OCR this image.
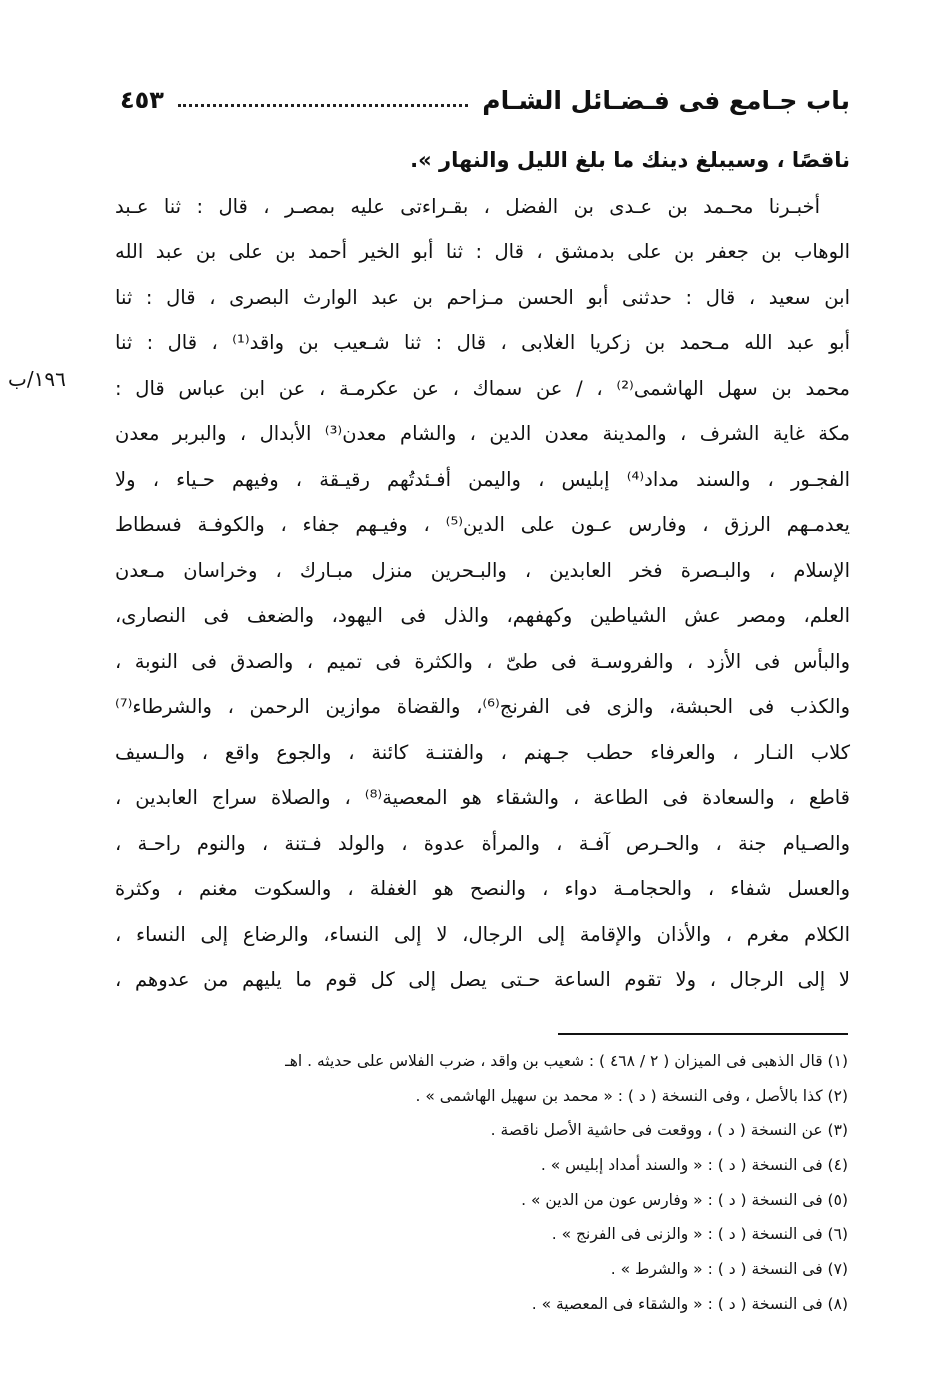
باب جـامع فى فـضـائل الشـام
٤٥٣
١٩٦/ب
ناقصًا ، وسيبلغ دينك ما بلغ الليل والنهار ».
أخبـرنا محـمد بن عـدى بن الفضل ، بقـراءتى عليه بمصـر ، قال : ثنا عـبد
الوهاب بن جعفر بن على بدمشق ، قال : ثنا أبو الخير أحمد بن على بن عبد الله
ابن سعيد ، قال : حدثنى أبو الحسن مـزاحم بن عبد الوارث البصرى ، قال : ثنا
أبو عبد الله مـحمد بن زكريا الغلابى ، قال : ثنا شـعيب بن واقد⁽¹⁾ ، قال : ثنا
محمد بن سهل الهاشمى⁽²⁾ ، / عن سماك ، عن عكرمـة ، عن ابن عباس قال :
مكة غاية الشرف ، والمدينة معدن الدين ، والشام معدن⁽³⁾ الأبدال ، والبربر معدن
الفجـور ، والسند مداد⁽⁴⁾ إبليس ، واليمن أفـئدتُهم رقيـقة ، وفيهم حـياء ، ولا
يعدمـهم الرزق ، وفارس عـون على الدين⁽⁵⁾ ، وفيـهم جفاء ، والكوفـة فسطاط
الإسلام ، والبـصرة فخر العابدين ، والبـحرين منزل مبـارك ، وخراسان مـعدن
العلم، ومصر عش الشياطين وكهفهم، والذل فى اليهود، والضعف فى النصارى،
والبأس فى الأزد ، والفروسـة فى طىّ ، والكثرة فى تميم ، والصدق فى النوبة ،
والكذب فى الحبشة، والزى فى الفرنج⁽⁶⁾، والقضاة موازين الرحمن ، والشرطاء⁽⁷⁾
كلاب النـار ، والعرفاء حطب جـهنم ، والفتنـة كائنة ، والجوع واقع ، والـسيف
قاطع ، والسعادة فى الطاعة ، والشقاء هو المعصية⁽⁸⁾ ، والصلاة سراج العابدين ،
والصـيام جنة ، والحـرص آفـة ، والمرأة عدوة ، والولد فـتنة ، والنوم راحـة ،
والعسل شفاء ، والحجامـة دواء ، والنصح هو الغفلة ، والسكوت مغنم ، وكثرة
الكلام مغرم ، والأذان والإقامة إلى الرجال، لا إلى النساء، والرضاع إلى النساء ،
لا إلى الرجال ، ولا تقوم الساعة حـتى يصل إلى كل قوم ما يليهم من عدوهم ،
(١) قال الذهبى فى الميزان ( ٢ / ٤٦٨ ) : شعيب بن واقد ، ضرب الفلاس على حديثه . اهـ
(٢) كذا بالأصل ، وفى النسخة ( د ) : « محمد بن سهيل الهاشمى » .
(٣) عن النسخة ( د ) ، ووقعت فى حاشية الأصل ناقصة .
(٤) فى النسخة ( د ) : « والسند أمداد إبليس » .
(٥) فى النسخة ( د ) : « وفارس عون من الدين » .
(٦) فى النسخة ( د ) : « والزنى فى الفرنج » .
(٧) فى النسخة ( د ) : « والشرط » .
(٨) فى النسخة ( د ) : « والشقاء فى المعصية » .
